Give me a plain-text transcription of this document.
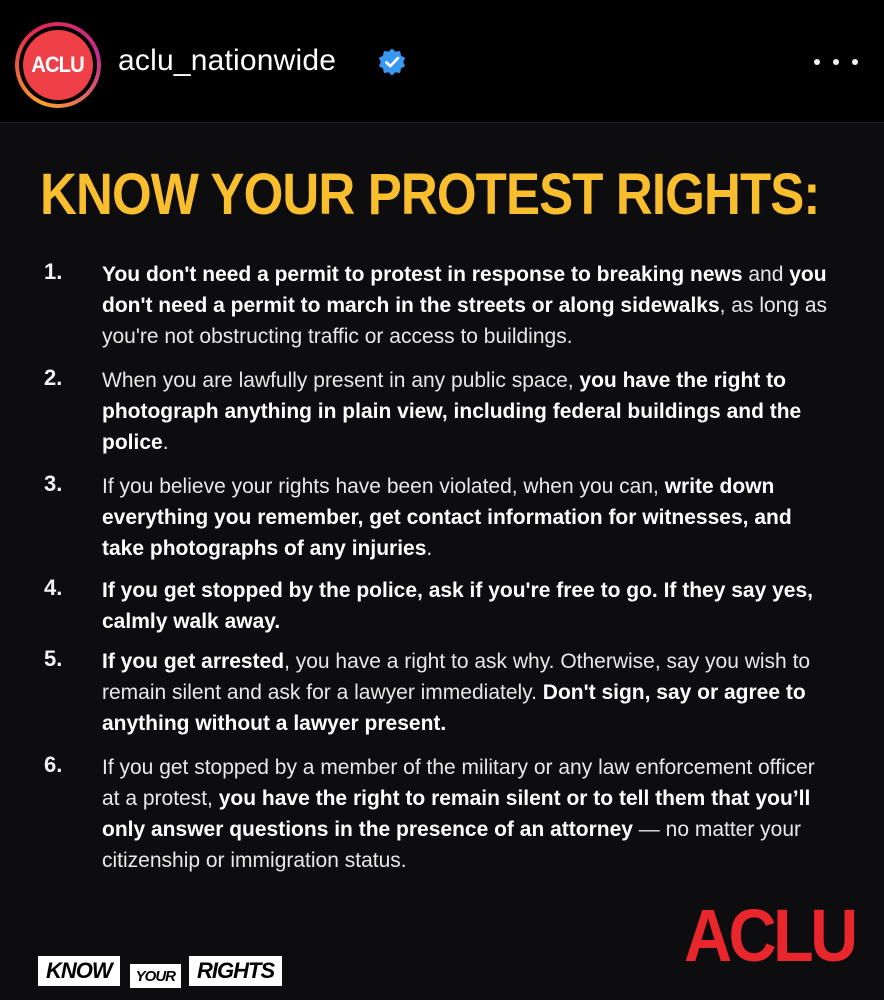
ACLU aclu_nationwide
KNOW YOUR PROTEST RIGHTS:
1.	You don't need a permit to protest in response to breaking news and you don't need a permit to march in the streets or along sidewalks, as long as you're not obstructing traffic or access to buildings.
2.	When you are lawfully present in any public space, you have the right to photograph anything in plain view, including federal buildings and the police.
3.	If you believe your rights have been violated, when you can, write down everything you remember, get contact information for witnesses, and take photographs of any injuries.
4.	If you get stopped by the police, ask if you're free to go. If they say yes, calmly walk away.
5.	If you get arrested, you have a right to ask why. Otherwise, say you wish to remain silent and ask for a lawyer immediately. Don't sign, say or agree to anything without a lawyer present.
6.	If you get stopped by a member of the military or any law enforcement officer at a protest, you have the right to remain silent or to tell them that you’ll only answer questions in the presence of an attorney — no matter your citizenship or immigration status.
KNOW	YOUR	RIGHTS	ACLU
